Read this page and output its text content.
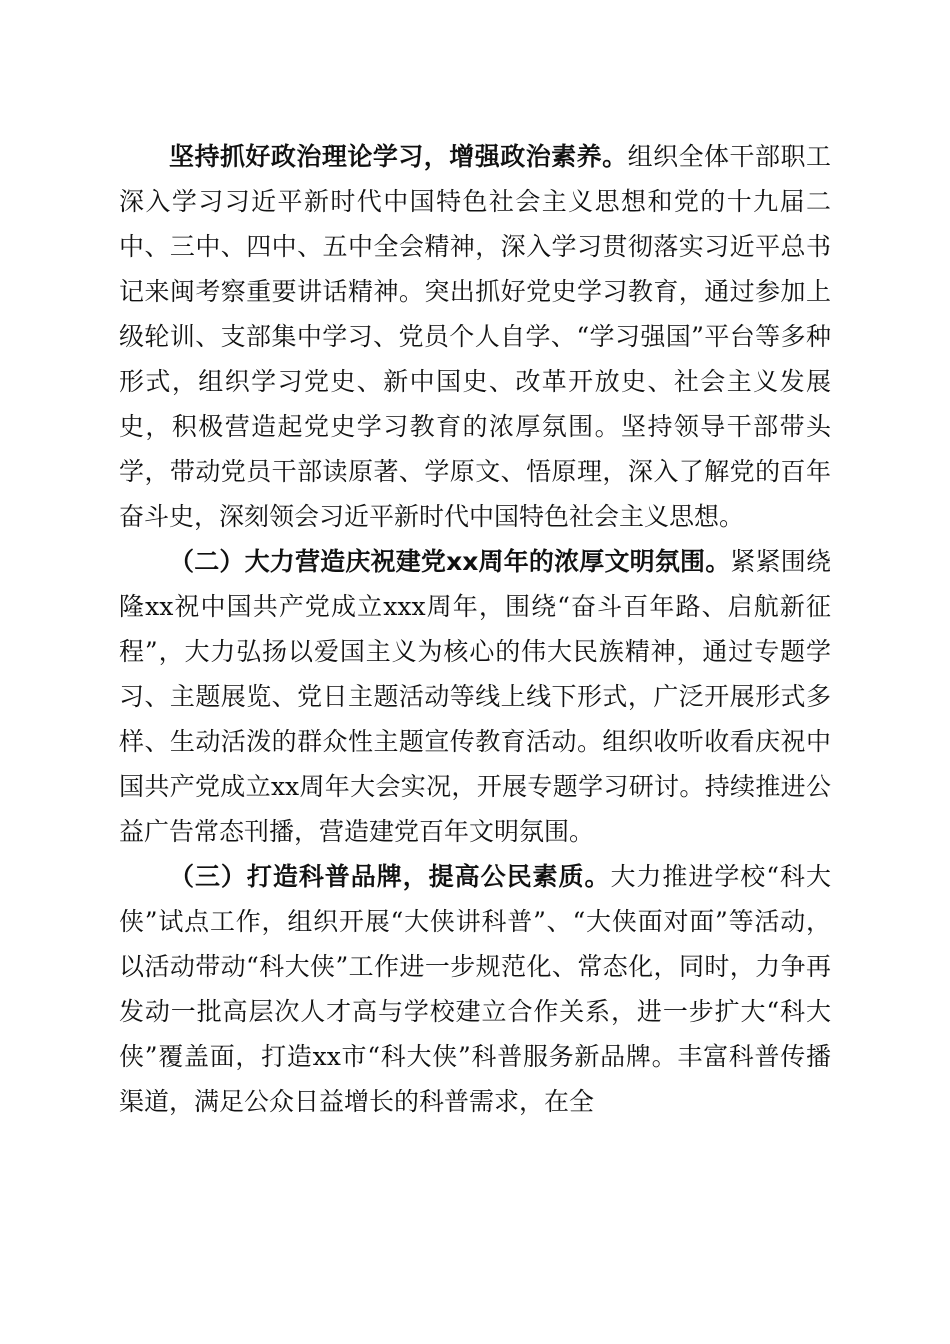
坚持抓好政治理论学习，增强政治素养。组织全体干部职工深入学习习近平新时代中国特色社会主义思想和党的十九届二中、三中、四中、五中全会精神，深入学习贯彻落实习近平总书记来闽考察重要讲话精神。突出抓好党史学习教育，通过参加上级轮训、支部集中学习、党员个人自学、“学习强国”平台等多种形式，组织学习党史、新中国史、改革开放史、社会主义发展史，积极营造起党史学习教育的浓厚氛围。坚持领导干部带头学，带动党员干部读原著、学原文、悟原理，深入了解党的百年奋斗史，深刻领会习近平新时代中国特色社会主义思想。

（二）大力营造庆祝建党xx周年的浓厚文明氛围。紧紧围绕隆xx祝中国共产党成立xxx周年，围绕“奋斗百年路、启航新征程”，大力弘扬以爱国主义为核心的伟大民族精神，通过专题学习、主题展览、党日主题活动等线上线下形式，广泛开展形式多样、生动活泼的群众性主题宣传教育活动。组织收听收看庆祝中国共产党成立xx周年大会实况，开展专题学习研讨。持续推进公益广告常态刊播，营造建党百年文明氛围。

（三）打造科普品牌，提高公民素质。大力推进学校“科大侠”试点工作，组织开展“大侠讲科普”、“大侠面对面”等活动，以活动带动“科大侠”工作进一步规范化、常态化，同时，力争再发动一批高层次人才高与学校建立合作关系，进一步扩大“科大侠”覆盖面，打造xx市“科大侠”科普服务新品牌。丰富科普传播渠道，满足公众日益增长的科普需求，在全
